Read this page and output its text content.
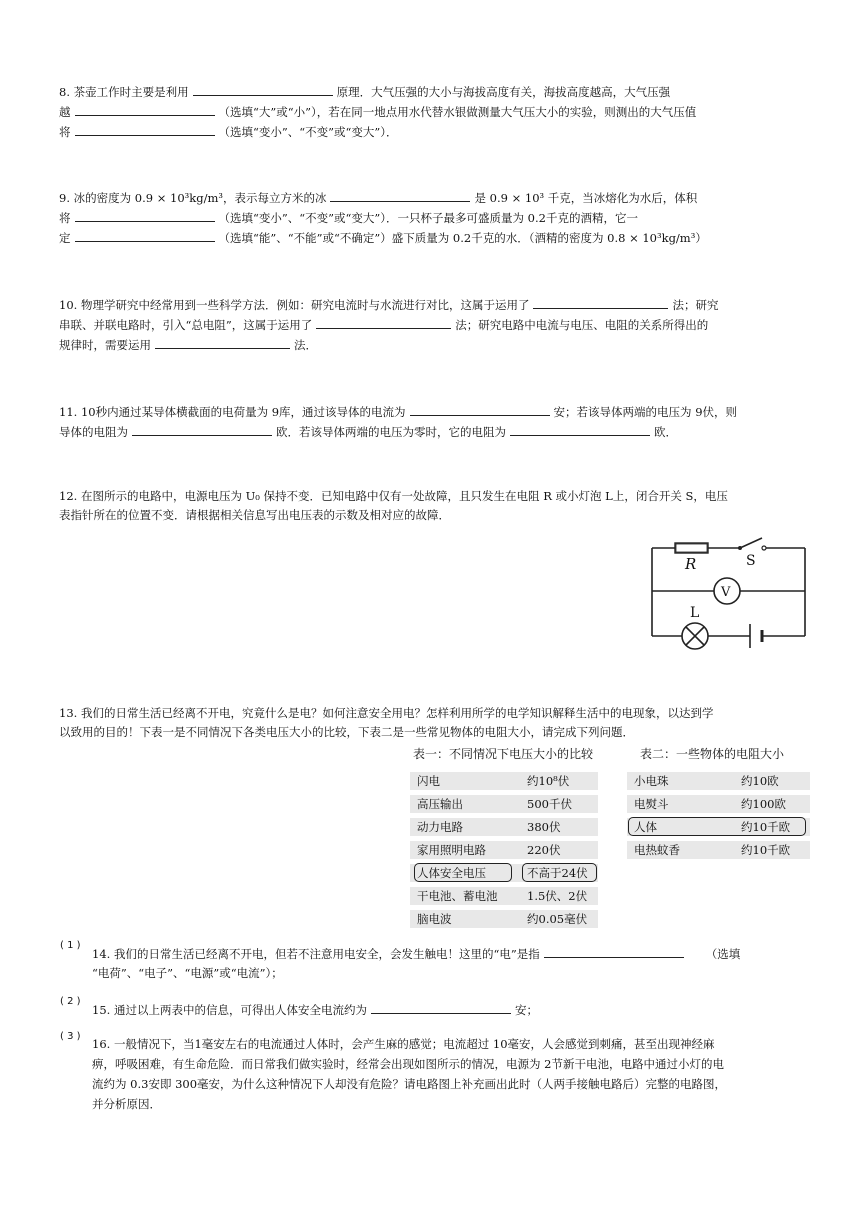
8. 茶壶工作时主要是利用	原理．大气压强的大小与海拔高度有关，海拔高度越高，大气压强
越	（选填“大”或“小”），若在同一地点用水代替水银做测量大气压大小的实验，则测出的大气压值
将	（选填“变小”、“不变”或“变大”）．
9. 冰的密度为 0.9 × 10³kg/m³，表示每立方米的冰	是 0.9 × 10³ 千克，当冰熔化为水后，体积
将	（选填“变小”、“不变”或“变大”）．一只杯子最多可盛质量为 0.2千克的酒精，它一
定	（选填“能”、“不能”或“不确定”）盛下质量为 0.2千克的水．（酒精的密度为 0.8 × 10³kg/m³）
10. 物理学研究中经常用到一些科学方法．例如：研究电流时与水流进行对比，这属于运用了	法；研究
串联、并联电路时，引入“总电阻”，这属于运用了	法；研究电路中电流与电压、电阻的关系所得出的
规律时，需要运用	法．
11. 10秒内通过某导体横截面的电荷量为 9库，通过该导体的电流为	安；若该导体两端的电压为 9伏，则
导体的电阻为	欧．若该导体两端的电压为零时，它的电阻为	欧．
12. 在图所示的电路中，电源电压为 U₀ 保持不变．已知电路中仅有一处故障，且只发生在电阻 R 或小灯泡 L上，闭合开关 S，电压
表指针所在的位置不变．请根据相关信息写出电压表的示数及相对应的故障．
R	S
V
L
13. 我们的日常生活已经离不开电，究竟什么是电？如何注意安全用电？怎样利用所学的电学知识解释生活中的电现象，以达到学
以致用的目的！下表一是不同情况下各类电压大小的比较，下表二是一些常见物体的电阻大小，请完成下列问题．
表一：不同情况下电压大小的比较
闪电	约10⁸伏
高压输出	500千伏
动力电路	380伏
家用照明电路	220伏
人体安全电压	不高于24伏
干电池、蓄电池	1.5伏、2伏
脑电波	约0.05毫伏
表二：一些物体的电阻大小
小电珠	约10欧
电熨斗	约100欧
人体	约10千欧
电热蚊香	约10千欧
( 1 )
14. 我们的日常生活已经离不开电，但若不注意用电安全，会发生触电！这里的“电”是指	（选填
“电荷”、“电子”、“电源”或“电流”）；
( 2 )
15. 通过以上两表中的信息，可得出人体安全电流约为	安；
( 3 )
16. 一般情况下，当1毫安左右的电流通过人体时，会产生麻的感觉；电流超过 10毫安，人会感觉到刺痛，甚至出现神经麻
痹，呼吸困难，有生命危险．而日常我们做实验时，经常会出现如图所示的情况，电源为 2节新干电池，电路中通过小灯的电
流约为 0.3安即 300毫安，为什么这种情况下人却没有危险？请电路图上补充画出此时（人两手接触电路后）完整的电路图，
并分析原因．
